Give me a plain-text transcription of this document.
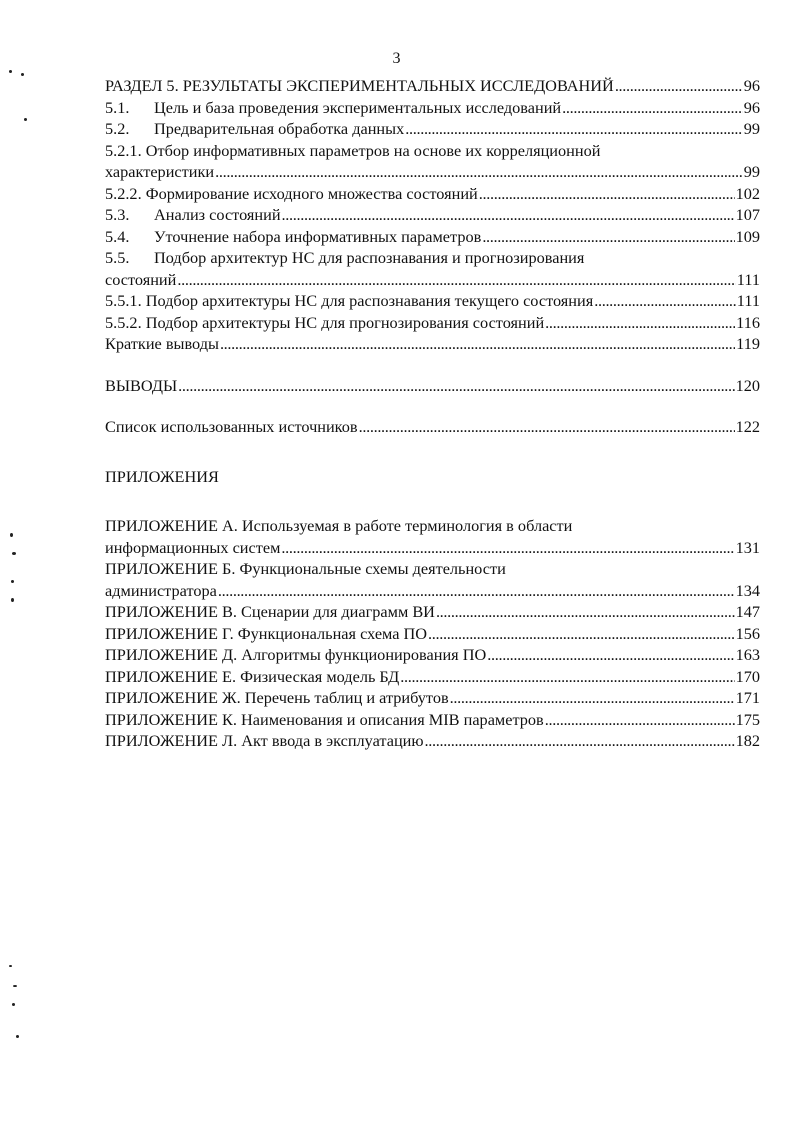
3
РАЗДЕЛ 5. РЕЗУЛЬТАТЫ ЭКСПЕРИМЕНТАЛЬНЫХ ИССЛЕДОВАНИЙ . . .	96
5.1. Цель и база проведения экспериментальных исследований . . .	96
5.2. Предварительная обработка данных . . .	99
5.2.1. Отбор информативных параметров на основе их корреляционной
характеристики . . .	99
5.2.2. Формирование исходного множества состояний . . .	102
5.3. Анализ состояний . . .	107
5.4. Уточнение набора информативных параметров . . .	109
5.5. Подбор архитектур НС для распознавания и прогнозирования
состояний . . .	111
5.5.1. Подбор архитектуры НС для распознавания текущего состояния . . .	111
5.5.2. Подбор архитектуры НС для прогнозирования состояний . . .	116
Краткие выводы . . .	119
ВЫВОДЫ . . .	120
Список использованных источников . . .	122
ПРИЛОЖЕНИЯ
ПРИЛОЖЕНИЕ А. Используемая в работе терминология в области
информационных систем . . .	131
ПРИЛОЖЕНИЕ Б. Функциональные схемы деятельности
администратора . . .	134
ПРИЛОЖЕНИЕ В. Сценарии для диаграмм ВИ . . .	147
ПРИЛОЖЕНИЕ Г. Функциональная схема ПО . . .	156
ПРИЛОЖЕНИЕ Д. Алгоритмы функционирования ПО . . .	163
ПРИЛОЖЕНИЕ Е. Физическая модель БД . . .	170
ПРИЛОЖЕНИЕ Ж. Перечень таблиц и атрибутов . . .	171
ПРИЛОЖЕНИЕ К. Наименования и описания MIB параметров . . .	175
ПРИЛОЖЕНИЕ Л. Акт ввода в эксплуатацию . . .	182
